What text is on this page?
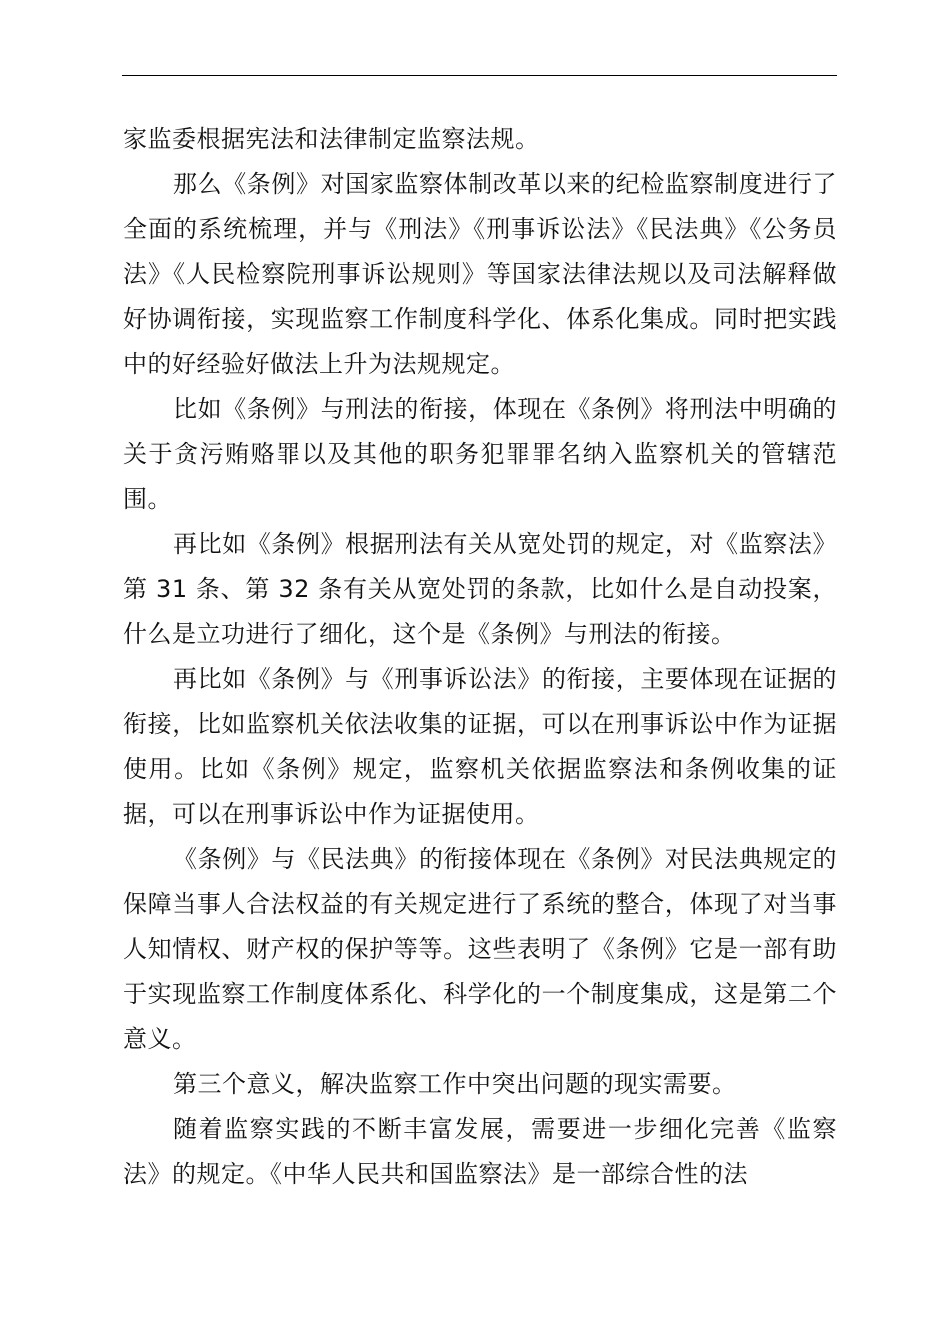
家监委根据宪法和法律制定监察法规。

那么《条例》对国家监察体制改革以来的纪检监察制度进行了全面的系统梳理，并与《刑法》《刑事诉讼法》《民法典》《公务员法》《人民检察院刑事诉讼规则》等国家法律法规以及司法解释做好协调衔接，实现监察工作制度科学化、体系化集成。同时把实践中的好经验好做法上升为法规规定。

比如《条例》与刑法的衔接，体现在《条例》将刑法中明确的关于贪污贿赂罪以及其他的职务犯罪罪名纳入监察机关的管辖范围。

再比如《条例》根据刑法有关从宽处罚的规定，对《监察法》第 31 条、第 32 条有关从宽处罚的条款，比如什么是自动投案，什么是立功进行了细化，这个是《条例》与刑法的衔接。

再比如《条例》与《刑事诉讼法》的衔接，主要体现在证据的衔接，比如监察机关依法收集的证据，可以在刑事诉讼中作为证据使用。比如《条例》规定，监察机关依据监察法和条例收集的证据，可以在刑事诉讼中作为证据使用。

《条例》与《民法典》的衔接体现在《条例》对民法典规定的保障当事人合法权益的有关规定进行了系统的整合，体现了对当事人知情权、财产权的保护等等。这些表明了《条例》它是一部有助于实现监察工作制度体系化、科学化的一个制度集成，这是第二个意义。

第三个意义，解决监察工作中突出问题的现实需要。

随着监察实践的不断丰富发展，需要进一步细化完善《监察法》的规定。《中华人民共和国监察法》是一部综合性的法
